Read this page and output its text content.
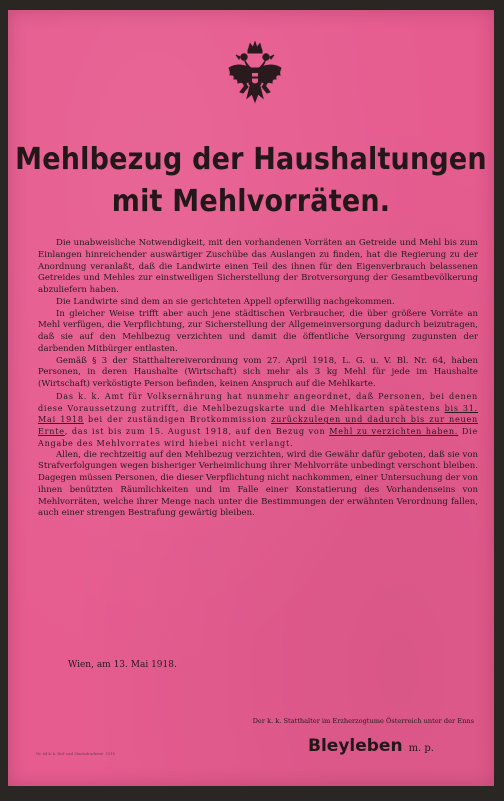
Mehlbezug der Haushaltungen
mit Mehlvorräten.

Die unabweisliche Notwendigkeit, mit den vorhandenen Vorräten an Getreide und Mehl bis zum Einlangen hinreichender auswärtiger Zuschübe das Auslangen zu finden, hat die Regierung zu der Anordnung veranlaßt, daß die Landwirte einen Teil des ihnen für den Eigenverbrauch belassenen Getreides und Mehles zur einstweiligen Sicherstellung der Brotversorgung der Gesamtbevölkerung abzuliefern haben.

Die Landwirte sind dem an sie gerichteten Appell opferwillig nachgekommen.

In gleicher Weise trifft aber auch jene städtischen Verbraucher, die über größere Vorräte an Mehl verfügen, die Verpflichtung, zur Sicherstellung der Allgemeinversorgung dadurch beizutragen, daß sie auf den Mehlbezug verzichten und damit die öffentliche Versorgung zugunsten der darbenden Mitbürger entlasten.

Gemäß § 3 der Statthaltereiverordnung vom 27. April 1918, L. G. u. V. Bl. Nr. 64, haben Personen, in deren Haushalte (Wirtschaft) sich mehr als 3 kg Mehl für jede im Haushalte (Wirtschaft) verköstigte Person befinden, keinen Anspruch auf die Mehlkarte.

Das k. k. Amt für Volksernährung hat nunmehr angeordnet, daß Personen, bei denen diese Voraussetzung zutrifft, die Mehlbezugskarte und die Mehlkarten spätestens bis 31. Mai 1918 bei der zuständigen Brotkommission zurückzulegen und dadurch bis zur neuen Ernte, das ist bis zum 15. August 1918, auf den Bezug von Mehl zu verzichten haben. Die Angabe des Mehlvorrates wird hiebei nicht verlangt.

Allen, die rechtzeitig auf den Mehlbezug verzichten, wird die Gewähr dafür geboten, daß sie von Strafverfolgungen wegen bisheriger Verheimlichung ihrer Mehlvorräte unbedingt verschont bleiben. Dagegen müssen Personen, die dieser Verpflichtung nicht nachkommen, einer Untersuchung der von ihnen benützten Räumlichkeiten und im Falle einer Konstatierung des Vorhandenseins von Mehlvorräten, welche ihrer Menge nach unter die Bestimmungen der erwähnten Verordnung fallen, auch einer strengen Bestrafung gewärtig bleiben.

Wien, am 13. Mai 1918.
Der k. k. Statthalter im Erzherzogtume Österreich unter der Enns
Bleyleben m. p.
Nr. 64 k. k. Hof- und Staatsdruckerei. 1918
